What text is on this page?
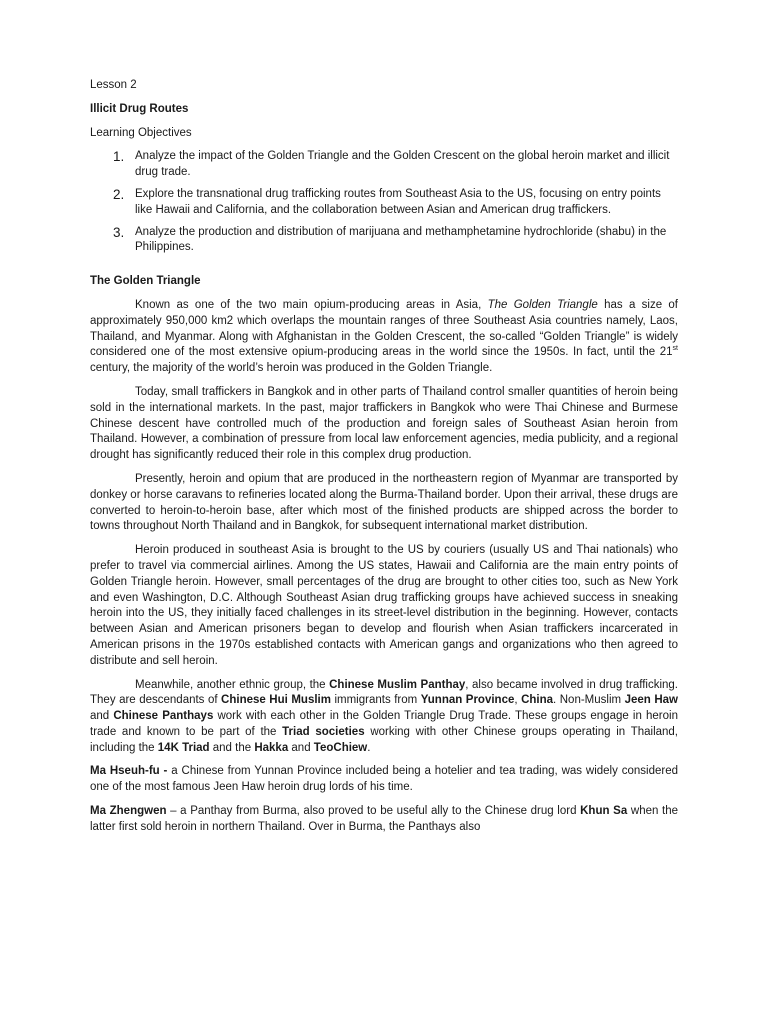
Lesson 2
Illicit Drug Routes
Learning Objectives
1. Analyze the impact of the Golden Triangle and the Golden Crescent on the global heroin market and illicit drug trade.
2. Explore the transnational drug trafficking routes from Southeast Asia to the US, focusing on entry points like Hawaii and California, and the collaboration between Asian and American drug traffickers.
3. Analyze the production and distribution of marijuana and methamphetamine hydrochloride (shabu) in the Philippines.
The Golden Triangle

Known as one of the two main opium-producing areas in Asia, The Golden Triangle has a size of approximately 950,000 km2 which overlaps the mountain ranges of three Southeast Asia countries namely, Laos, Thailand, and Myanmar. Along with Afghanistan in the Golden Crescent, the so-called “Golden Triangle” is widely considered one of the most extensive opium-producing areas in the world since the 1950s. In fact, until the 21st century, the majority of the world’s heroin was produced in the Golden Triangle.

Today, small traffickers in Bangkok and in other parts of Thailand control smaller quantities of heroin being sold in the international markets. In the past, major traffickers in Bangkok who were Thai Chinese and Burmese Chinese descent have controlled much of the production and foreign sales of Southeast Asian heroin from Thailand. However, a combination of pressure from local law enforcement agencies, media publicity, and a regional drought has significantly reduced their role in this complex drug production.

Presently, heroin and opium that are produced in the northeastern region of Myanmar are transported by donkey or horse caravans to refineries located along the Burma-Thailand border. Upon their arrival, these drugs are converted to heroin-to-heroin base, after which most of the finished products are shipped across the border to towns throughout North Thailand and in Bangkok, for subsequent international market distribution.

Heroin produced in southeast Asia is brought to the US by couriers (usually US and Thai nationals) who prefer to travel via commercial airlines. Among the US states, Hawaii and California are the main entry points of Golden Triangle heroin. However, small percentages of the drug are brought to other cities too, such as New York and even Washington, D.C. Although Southeast Asian drug trafficking groups have achieved success in sneaking heroin into the US, they initially faced challenges in its street-level distribution in the beginning. However, contacts between Asian and American prisoners began to develop and flourish when Asian traffickers incarcerated in American prisons in the 1970s established contacts with American gangs and organizations who then agreed to distribute and sell heroin.

Meanwhile, another ethnic group, the Chinese Muslim Panthay, also became involved in drug trafficking. They are descendants of Chinese Hui Muslim immigrants from Yunnan Province, China. Non-Muslim Jeen Haw and Chinese Panthays work with each other in the Golden Triangle Drug Trade. These groups engage in heroin trade and known to be part of the Triad societies working with other Chinese groups operating in Thailand, including the 14K Triad and the Hakka and TeoChiew.

Ma Hseuh-fu - a Chinese from Yunnan Province included being a hotelier and tea trading, was widely considered one of the most famous Jeen Haw heroin drug lords of his time.

Ma Zhengwen – a Panthay from Burma, also proved to be useful ally to the Chinese drug lord Khun Sa when the latter first sold heroin in northern Thailand. Over in Burma, the Panthays also
